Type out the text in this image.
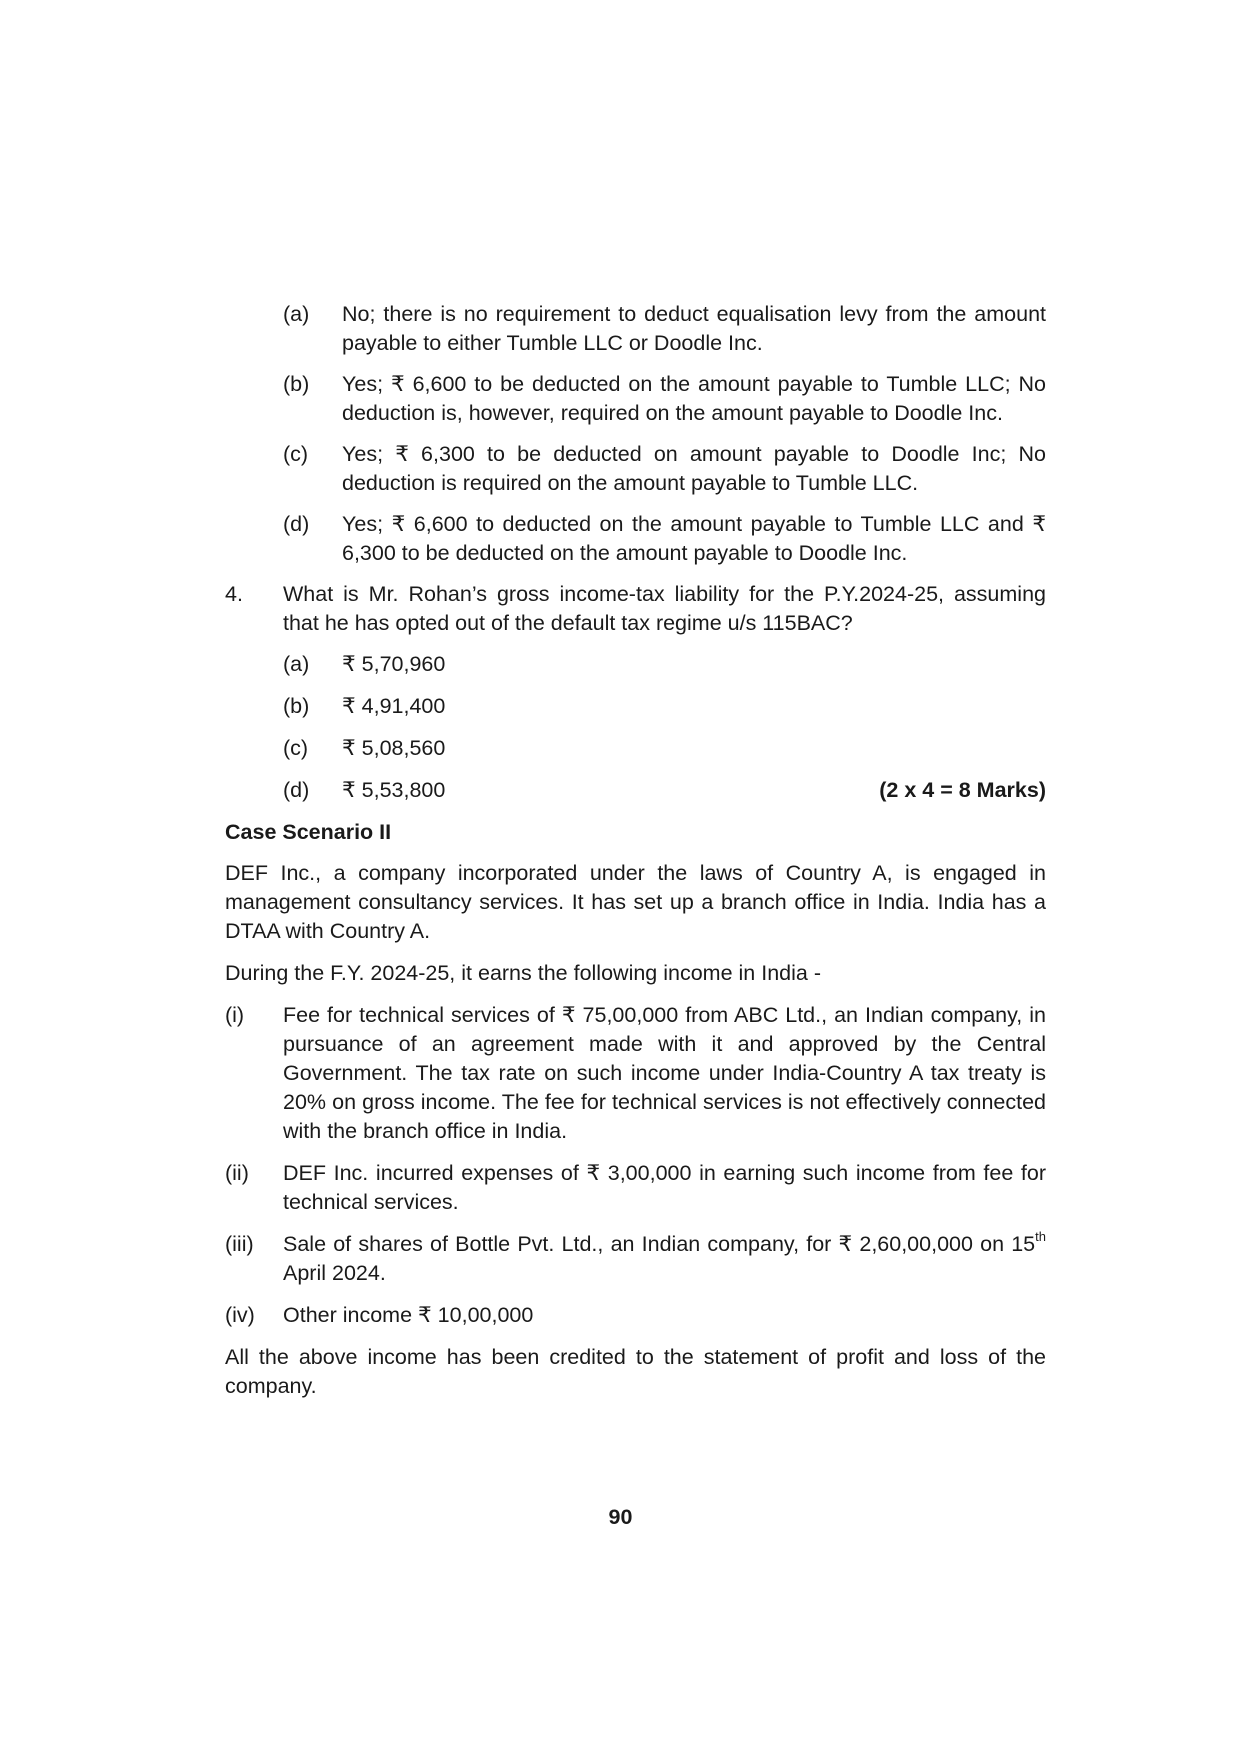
(a)	No; there is no requirement to deduct equalisation levy from the amount payable to either Tumble LLC or Doodle Inc.
(b)	Yes; ₹ 6,600 to be deducted on the amount payable to Tumble LLC; No deduction is, however, required on the amount payable to Doodle Inc.
(c)	Yes; ₹ 6,300 to be deducted on amount payable to Doodle Inc; No deduction is required on the amount payable to Tumble LLC.
(d)	Yes; ₹ 6,600 to deducted on the amount payable to Tumble LLC and ₹ 6,300 to be deducted on the amount payable to Doodle Inc.
4.	What is Mr. Rohan’s gross income-tax liability for the P.Y.2024-25, assuming that he has opted out of the default tax regime u/s 115BAC?
(a)	₹ 5,70,960
(b)	₹ 4,91,400
(c)	₹ 5,08,560
(d)	₹ 5,53,800	(2 x 4 = 8 Marks)

Case Scenario II

DEF Inc., a company incorporated under the laws of Country A, is engaged in management consultancy services. It has set up a branch office in India. India has a DTAA with Country A.

During the F.Y. 2024-25, it earns the following income in India -

(i)	Fee for technical services of ₹ 75,00,000 from ABC Ltd., an Indian company, in pursuance of an agreement made with it and approved by the Central Government. The tax rate on such income under India-Country A tax treaty is 20% on gross income. The fee for technical services is not effectively connected with the branch office in India.
(ii)	DEF Inc. incurred expenses of ₹ 3,00,000 in earning such income from fee for technical services.
(iii)	Sale of shares of Bottle Pvt. Ltd., an Indian company, for ₹ 2,60,00,000 on 15th April 2024.
(iv)	Other income ₹ 10,00,000

All the above income has been credited to the statement of profit and loss of the company.

90
